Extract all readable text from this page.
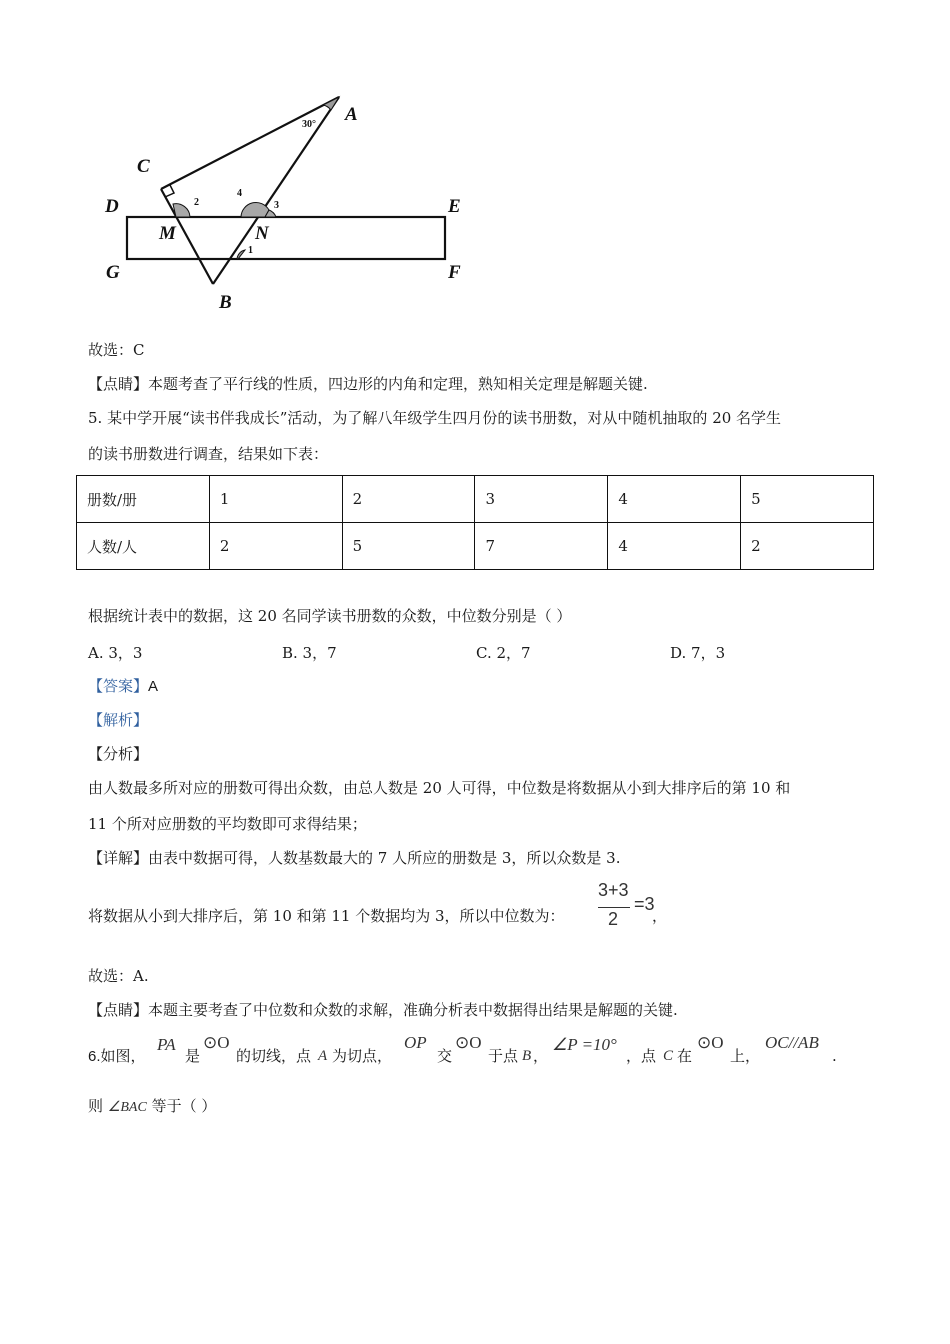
A
C
D	E
M	N
G	F
B
30°
2
4
3
1
故选：C
【点睛】本题考查了平行线的性质，四边形的内角和定理，熟知相关定理是解题关键.
5. 某中学开展“读书伴我成长”活动，为了解八年级学生四月份的读书册数，对从中随机抽取的 20 名学生
的读书册数进行调查，结果如下表：
册数/册	1	2	3	4	5
人数/人	2	5	7	4	2
根据统计表中的数据，这 20 名同学读书册数的众数，中位数分别是（ ）
A. 3，3	B. 3，7	C. 2，7	D. 7，3
【答案】A
【解析】
【分析】
由人数最多所对应的册数可得出众数，由总人数是 20 人可得，中位数是将数据从小到大排序后的第 10 和
11 个所对应册数的平均数即可求得结果；
【详解】由表中数据可得，人数基数最大的 7 人所应的册数是 3，所以众数是 3.
将数据从小到大排序后，第 10 和第 11 个数据均为 3，所以中位数为：
3+3
2
=3
，
故选：A.
【点睛】本题主要考查了中位数和众数的求解，准确分析表中数据得出结果是解题的关键.
6.如图，
PA
是
⊙O
的切线，点 A 为切点，
OP
交
⊙O
于点 B ，
∠P =10°
，点 C 在
⊙O
上，
OC//AB
.
则 ∠BAC 等于（ ）
